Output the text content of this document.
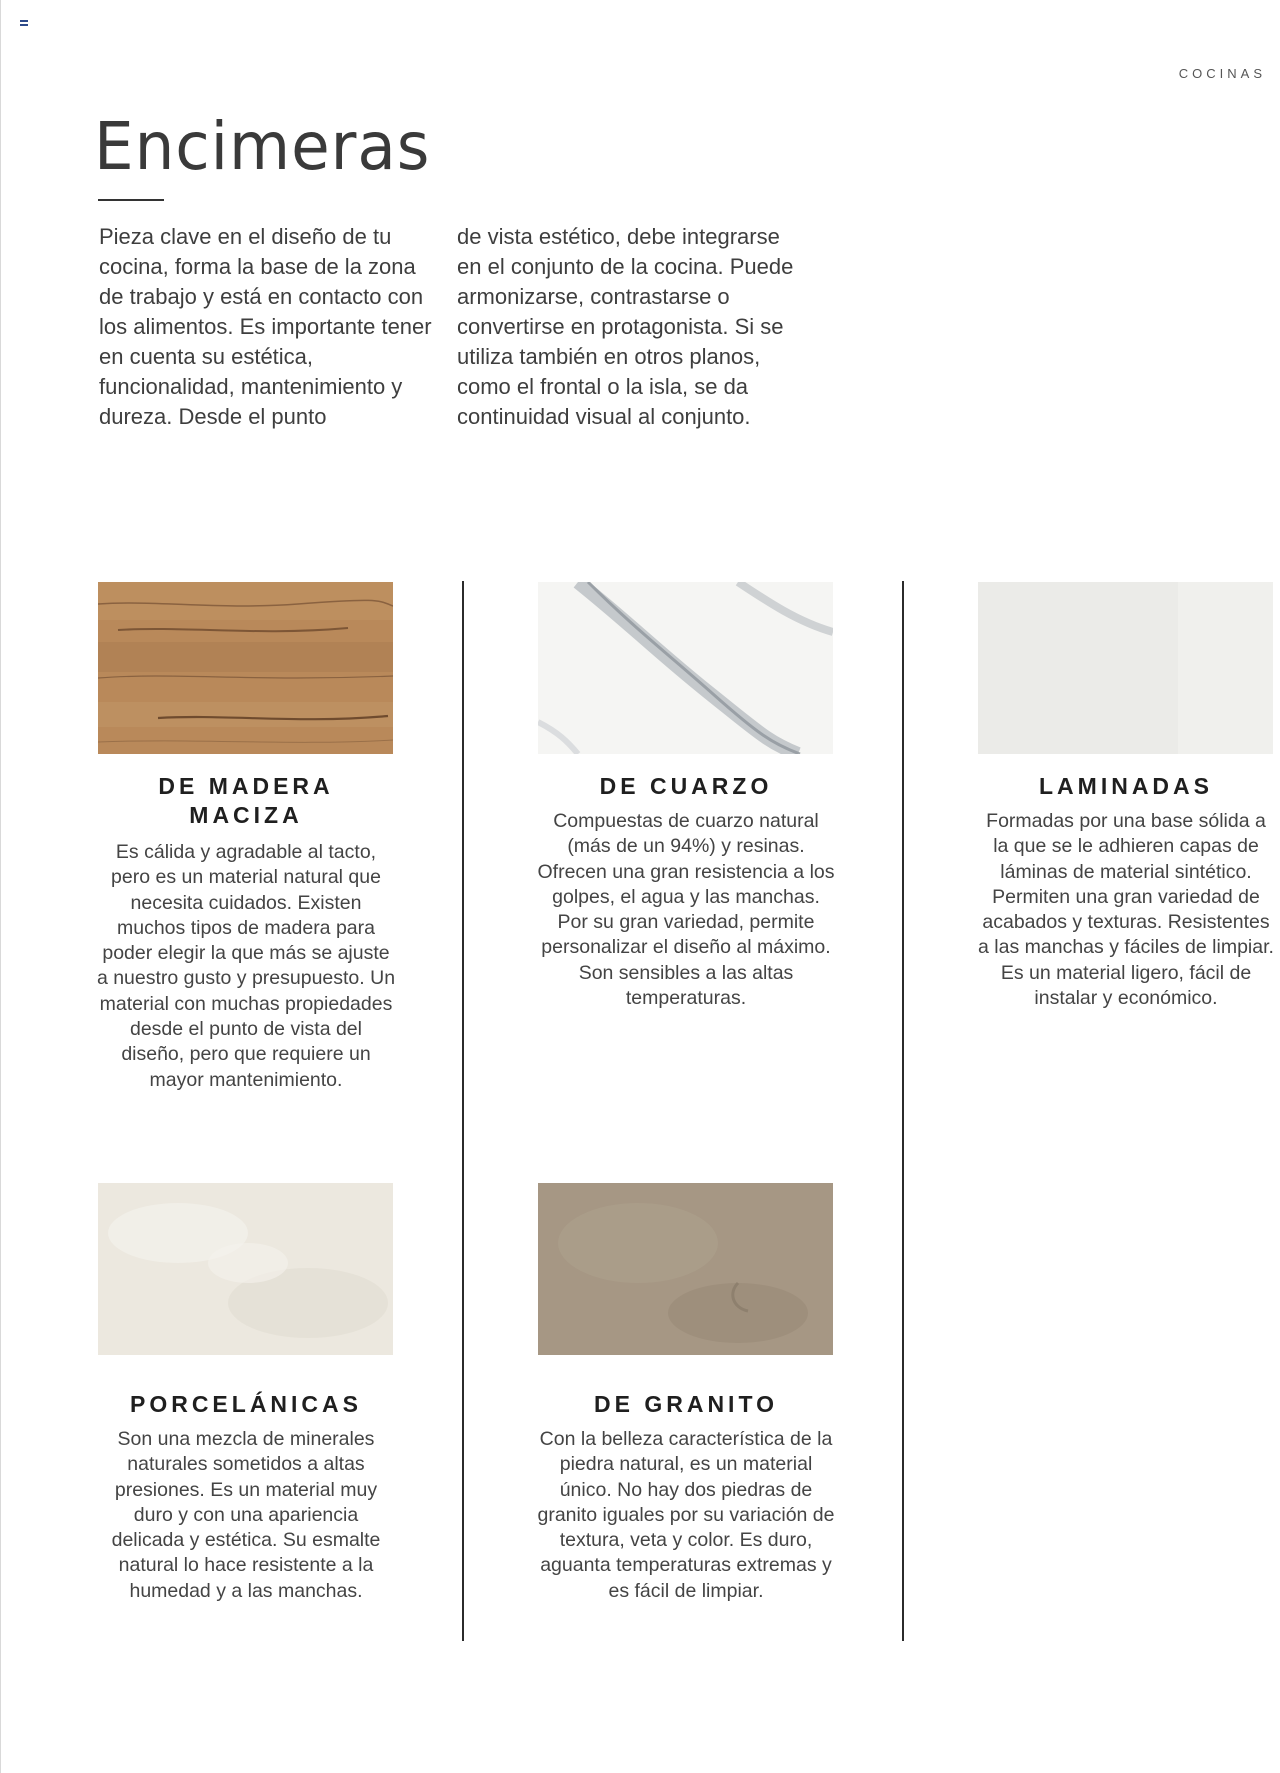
COCINAS
Encimeras
Pieza clave en el diseño de tu cocina, forma la base de la zona de trabajo y está en contacto con los alimentos. Es importante tener en cuenta su estética, funcionalidad, mantenimiento y dureza. Desde el punto
de vista estético, debe integrarse en el conjunto de la cocina. Puede armonizarse, contrastarse o convertirse en protagonista. Si se utiliza también en otros planos, como el frontal o la isla, se da continuidad visual al conjunto.
DE MADERA MACIZA

Es cálida y agradable al tacto, pero es un material natural que necesita cuidados. Existen muchos tipos de madera para poder elegir la que más se ajuste a nuestro gusto y presupuesto. Un material con muchas propiedades desde el punto de vista del diseño, pero que requiere un mayor mantenimiento.

DE CUARZO

Compuestas de cuarzo natural (más de un 94%) y resinas. Ofrecen una gran resistencia a los golpes, el agua y las manchas. Por su gran variedad, permite personalizar el diseño al máximo. Son sensibles a las altas temperaturas.

LAMINADAS

Formadas por una base sólida a la que se le adhieren capas de láminas de material sintético. Permiten una gran variedad de acabados y texturas. Resistentes a las manchas y fáciles de limpiar. Es un material ligero, fácil de instalar y económico.

PORCELÁNICAS

Son una mezcla de minerales naturales sometidos a altas presiones. Es un material muy duro y con una apariencia delicada y estética. Su esmalte natural lo hace resistente a la humedad y a las manchas.

DE GRANITO

Con la belleza característica de la piedra natural, es un material único. No hay dos piedras de granito iguales por su variación de textura, veta y color. Es duro, aguanta temperaturas extremas y es fácil de limpiar.
